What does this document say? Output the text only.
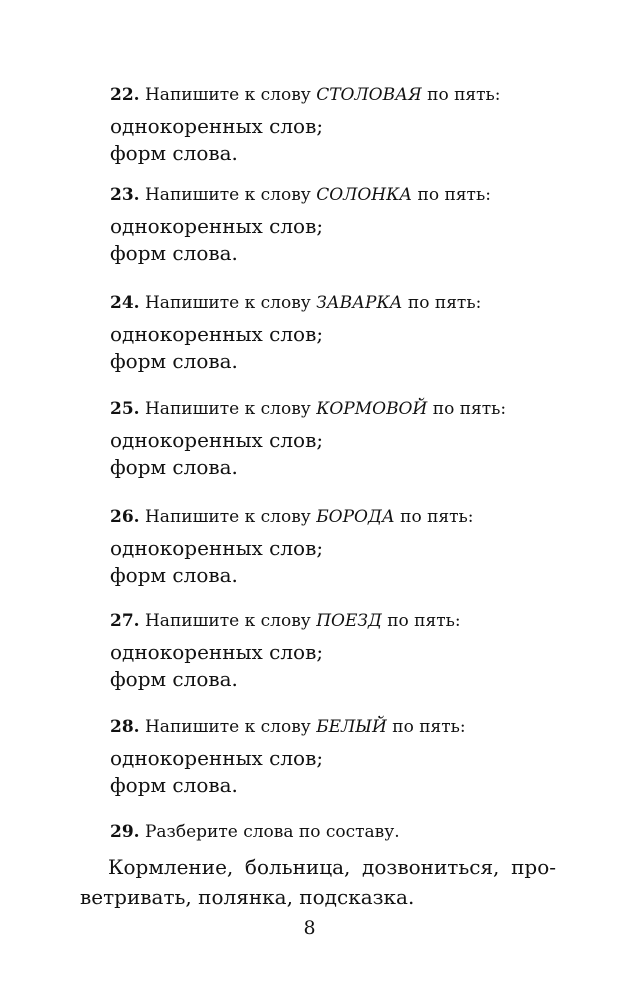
22. Напишите к слову СТОЛОВАЯ по пять:
однокоренных слов;
форм слова.
23. Напишите к слову СОЛОНКА по пять:
однокоренных слов;
форм слова.
24. Напишите к слову ЗАВАРКА по пять:
однокоренных слов;
форм слова.
25. Напишите к слову КОРМОВОЙ по пять:
однокоренных слов;
форм слова.
26. Напишите к слову БОРОДА по пять:
однокоренных слов;
форм слова.
27. Напишите к слову ПОЕЗД по пять:
однокоренных слов;
форм слова.
28. Напишите к слову БЕЛЫЙ по пять:
однокоренных слов;
форм слова.
29. Разберите слова по составу.
Кормление, больница, дозвониться, про-
ветривать, полянка, подсказка.
8
